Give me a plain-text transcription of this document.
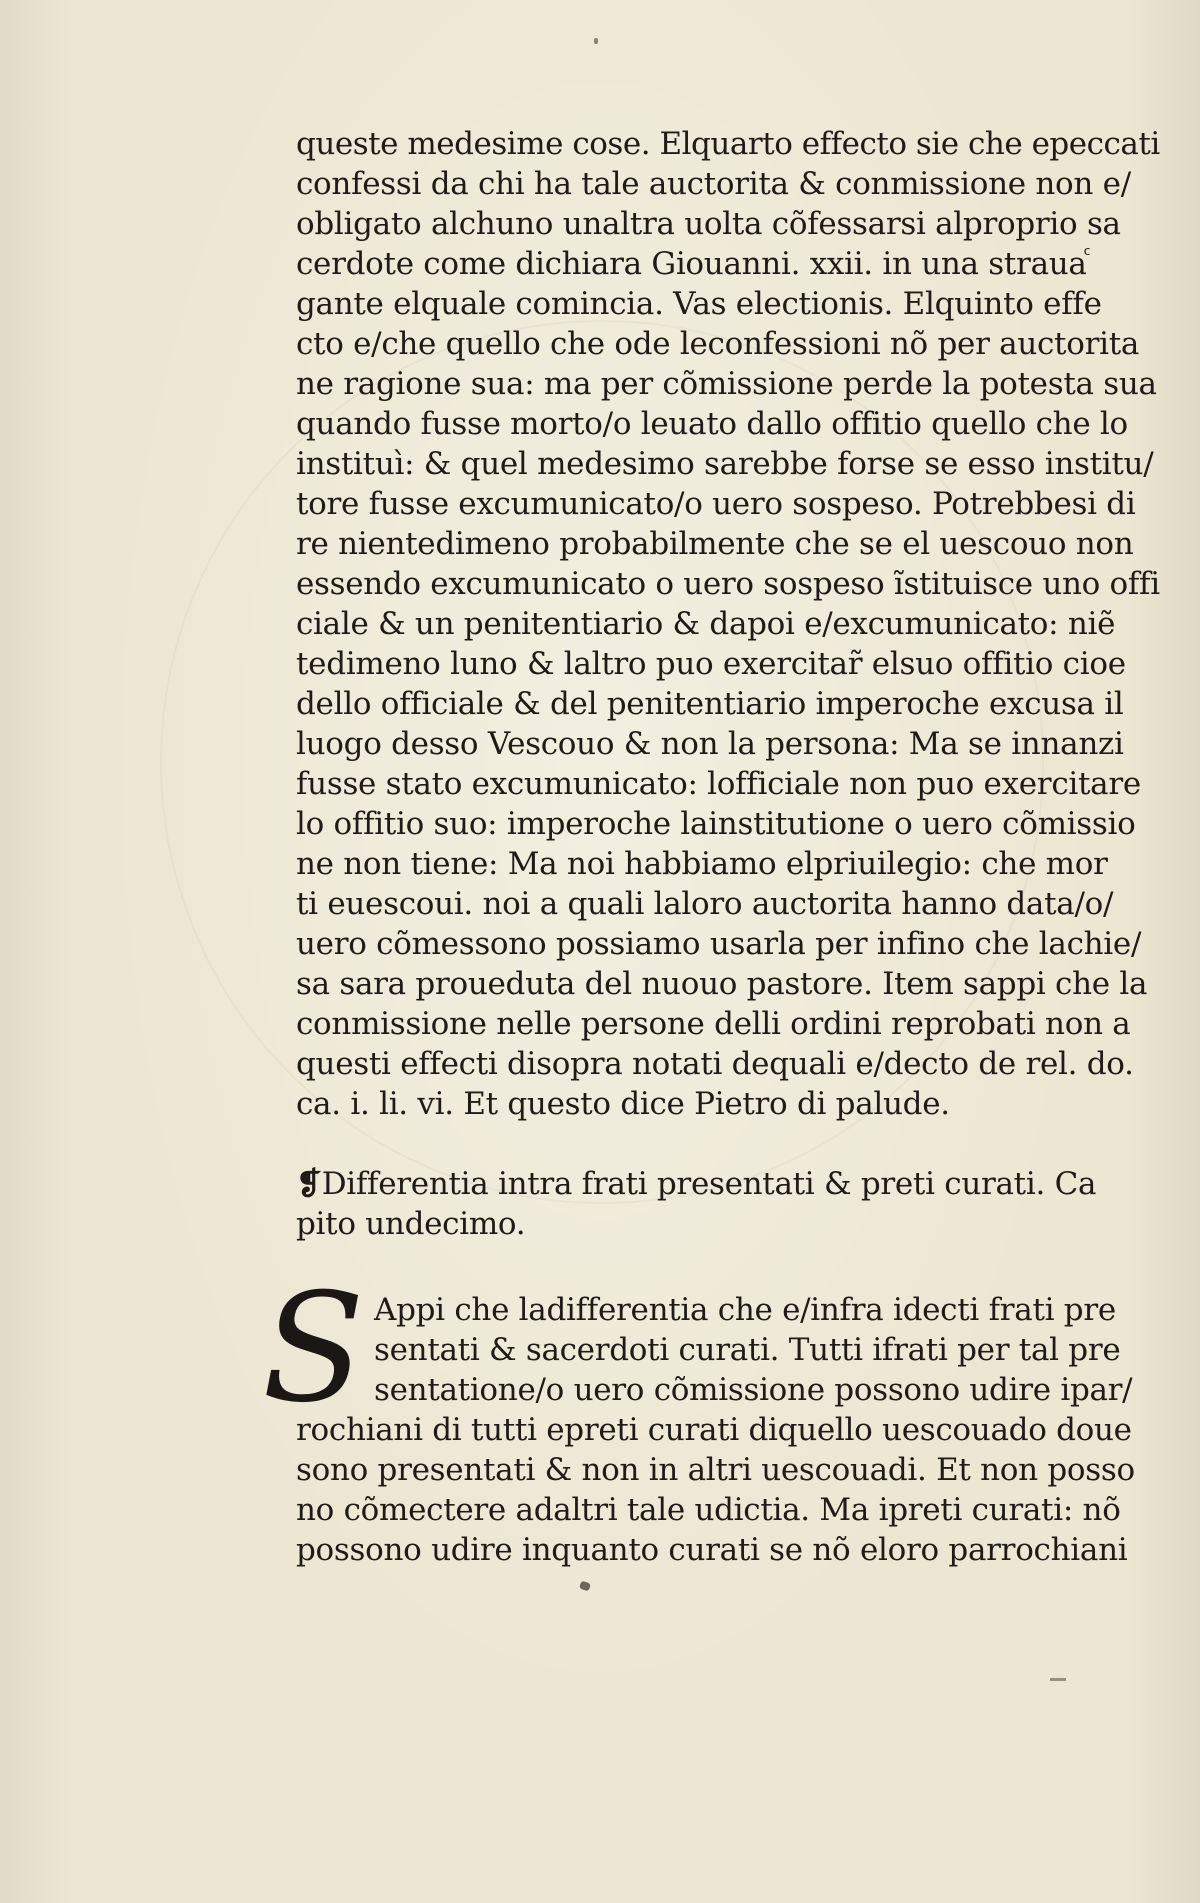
queste medesime cose. Elquarto effecto sie che epeccati
confessi da chi ha tale auctorita & conmissione non e/
obligato alchuno unaltra uolta cõfessarsi alproprio sa
cerdote come dichiara Giouanni. xxii. in una strauaⷭ
gante elquale comincia. Vas electionis. Elquinto effe
cto e/che quello che ode leconfessioni nõ per auctorita
ne ragione sua: ma per cõmissione perde la potesta sua
quando fusse morto/o leuato dallo offitio quello che lo
instituì: & quel medesimo sarebbe forse se esso institu/
tore fusse excumunicato/o uero sospeso. Potrebbesi di
re nientedimeno probabilmente che se el uescouo non
essendo excumunicato o uero sospeso ĩstituisce uno offi
ciale & un penitentiario & dapoi e/excumunicato: niẽ
tedimeno luno & laltro puo exercitar̃ elsuo offitio cioe
dello officiale & del penitentiario imperoche excusa il
luogo desso Vescouo & non la persona: Ma se innanzi
fusse stato excumunicato: lofficiale non puo exercitare
lo offitio suo: imperoche lainstitutione o uero cõmissio
ne non tiene: Ma noi habbiamo elpriuilegio: che mor
ti euescoui. noi a quali laloro auctorita hanno data/o/
uero cõmessono possiamo usarla per infino che lachie/
sa sara proueduta del nuouo pastore. Item sappi che la
conmissione nelle persone delli ordini reprobati non a
questi effecti disopra notati dequali e/decto de rel. do.
ca. i. li. vi. Et questo dice Pietro di palude.
❡Differentia intra frati presentati & preti curati. Ca
pito undecimo.
S Appi che ladifferentia che e/infra idecti frati pre
sentati & sacerdoti curati. Tutti ifrati per tal pre
sentatione/o uero cõmissione possono udire ipar/
rochiani di tutti epreti curati diquello uescouado doue
sono presentati & non in altri uescouadi. Et non posso
no cõmectere adaltri tale udictia. Ma ipreti curati: nõ
possono udire inquanto curati se nõ eloro parrochiani
